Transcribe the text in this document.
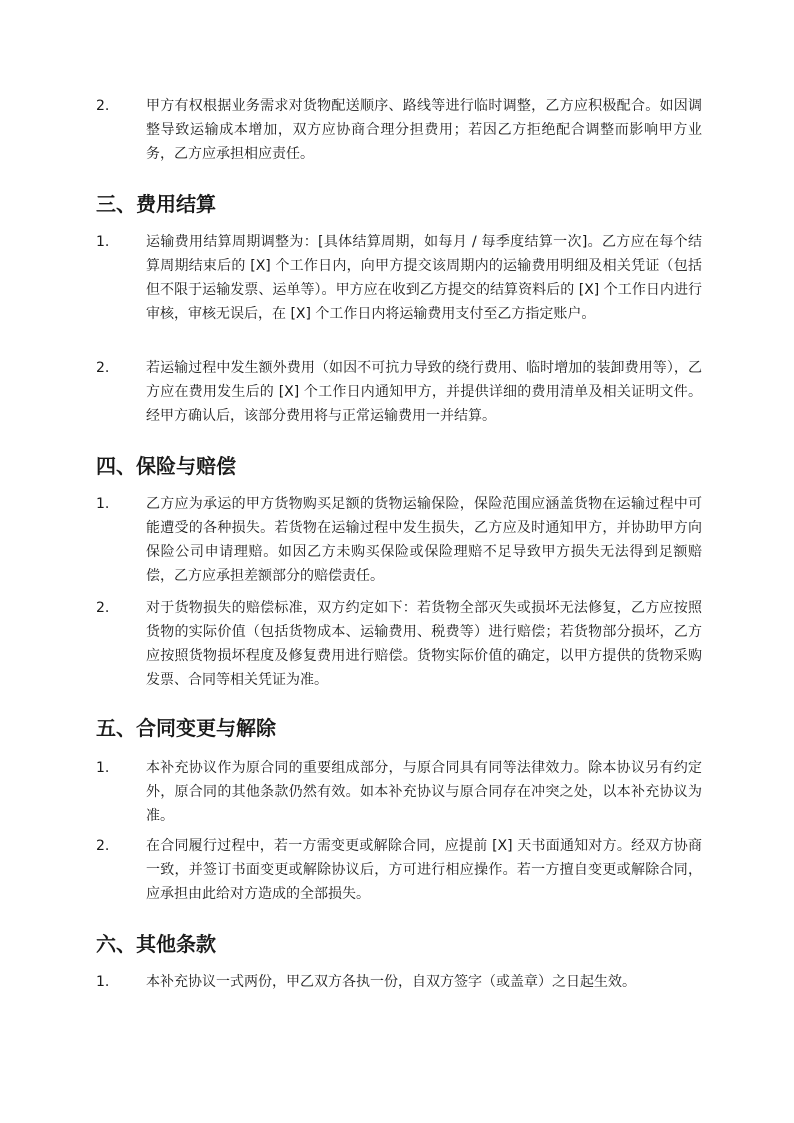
2.	甲方有权根据业务需求对货物配送顺序、路线等进行临时调整，乙方应积极配合。如因调整导致运输成本增加，双方应协商合理分担费用；若因乙方拒绝配合调整而影响甲方业务，乙方应承担相应责任。
三、费用结算
1.	运输费用结算周期调整为：[具体结算周期，如每月 / 每季度结算一次]。乙方应在每个结算周期结束后的 [X] 个工作日内，向甲方提交该周期内的运输费用明细及相关凭证（包括但不限于运输发票、运单等）。甲方应在收到乙方提交的结算资料后的 [X] 个工作日内进行审核，审核无误后，在 [X] 个工作日内将运输费用支付至乙方指定账户。
2.	若运输过程中发生额外费用（如因不可抗力导致的绕行费用、临时增加的装卸费用等），乙方应在费用发生后的 [X] 个工作日内通知甲方，并提供详细的费用清单及相关证明文件。经甲方确认后，该部分费用将与正常运输费用一并结算。
四、保险与赔偿
1.	乙方应为承运的甲方货物购买足额的货物运输保险，保险范围应涵盖货物在运输过程中可能遭受的各种损失。若货物在运输过程中发生损失，乙方应及时通知甲方，并协助甲方向保险公司申请理赔。如因乙方未购买保险或保险理赔不足导致甲方损失无法得到足额赔偿，乙方应承担差额部分的赔偿责任。
2.	对于货物损失的赔偿标准，双方约定如下：若货物全部灭失或损坏无法修复，乙方应按照货物的实际价值（包括货物成本、运输费用、税费等）进行赔偿；若货物部分损坏，乙方应按照货物损坏程度及修复费用进行赔偿。货物实际价值的确定，以甲方提供的货物采购发票、合同等相关凭证为准。
五、合同变更与解除
1.	本补充协议作为原合同的重要组成部分，与原合同具有同等法律效力。除本协议另有约定外，原合同的其他条款仍然有效。如本补充协议与原合同存在冲突之处，以本补充协议为准。
2.	在合同履行过程中，若一方需变更或解除合同，应提前 [X] 天书面通知对方。经双方协商一致，并签订书面变更或解除协议后，方可进行相应操作。若一方擅自变更或解除合同，应承担由此给对方造成的全部损失。
六、其他条款
1.	本补充协议一式两份，甲乙双方各执一份，自双方签字（或盖章）之日起生效。
